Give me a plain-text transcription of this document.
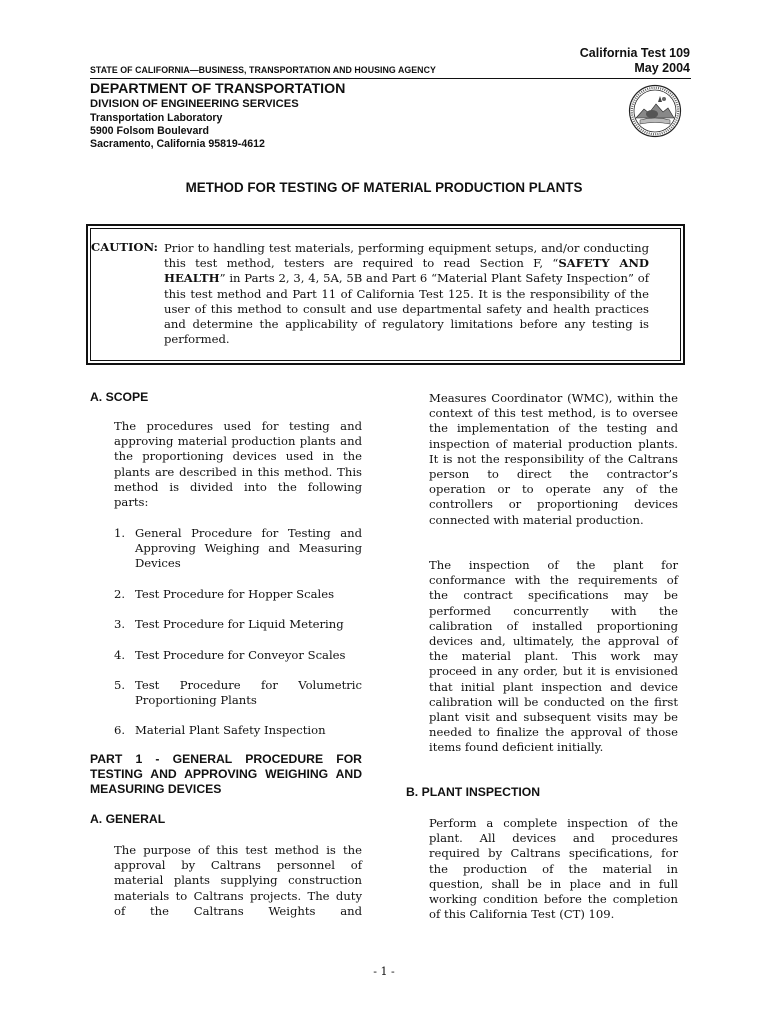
California Test 109
May 2004
STATE OF CALIFORNIA—BUSINESS, TRANSPORTATION AND HOUSING AGENCY
DEPARTMENT OF TRANSPORTATION
DIVISION OF ENGINEERING SERVICES
Transportation Laboratory
5900 Folsom Boulevard
Sacramento, California 95819-4612
METHOD FOR TESTING OF MATERIAL PRODUCTION PLANTS
CAUTION: Prior to handling test materials, performing equipment setups, and/or conducting this test method, testers are required to read Section F, “SAFETY AND HEALTH” in Parts 2, 3, 4, 5A, 5B and Part 6 “Material Plant Safety Inspection” of this test method and Part 11 of California Test 125. It is the responsibility of the user of this method to consult and use departmental safety and health practices and determine the applicability of regulatory limitations before any testing is performed.
A. SCOPE
The procedures used for testing and approving material production plants and the proportioning devices used in the plants are described in this method. This method is divided into the following parts:
1. General Procedure for Testing and Approving Weighing and Measuring Devices
2. Test Procedure for Hopper Scales
3. Test Procedure for Liquid Metering
4. Test Procedure for Conveyor Scales
5. Test Procedure for Volumetric Proportioning Plants
6. Material Plant Safety Inspection
PART 1 - GENERAL PROCEDURE FOR TESTING AND APPROVING WEIGHING AND MEASURING DEVICES
A. GENERAL
The purpose of this test method is the approval by Caltrans personnel of material plants supplying construction materials to Caltrans projects. The duty of the Caltrans Weights and
Measures Coordinator (WMC), within the context of this test method, is to oversee the implementation of the testing and inspection of material production plants. It is not the responsibility of the Caltrans person to direct the contractor’s operation or to operate any of the controllers or proportioning devices connected with material production.
The inspection of the plant for conformance with the requirements of the contract specifications may be performed concurrently with the calibration of installed proportioning devices and, ultimately, the approval of the material plant. This work may proceed in any order, but it is envisioned that initial plant inspection and device calibration will be conducted on the first plant visit and subsequent visits may be needed to finalize the approval of those items found deficient initially.
B. PLANT INSPECTION
Perform a complete inspection of the plant. All devices and procedures required by Caltrans specifications, for the production of the material in question, shall be in place and in full working condition before the completion of this California Test (CT) 109.
- 1 -
